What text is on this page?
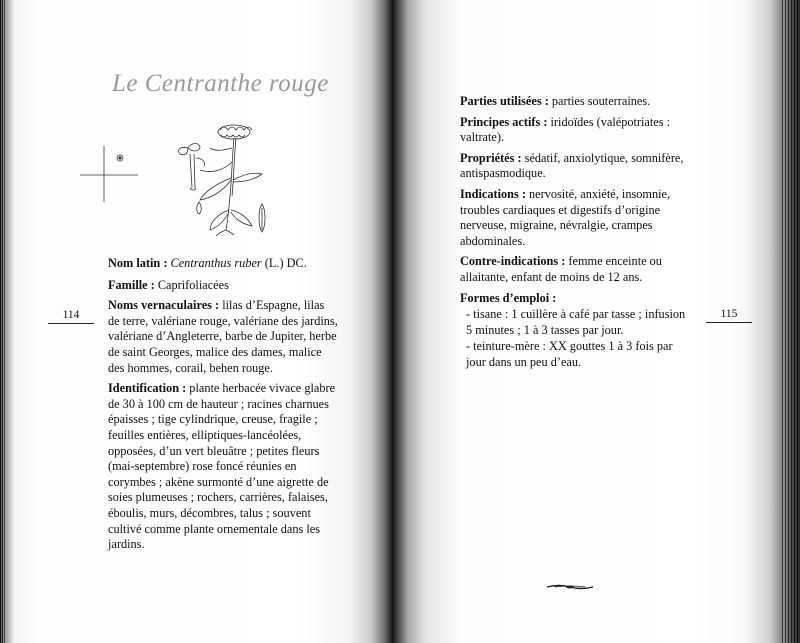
Le Centranthe rouge

Nom latin : Centranthus ruber (L.) DC.

Famille : Caprifoliacées

Noms vernaculaires : lilas d’Espagne, lilas de terre, valériane rouge, valériane des jardins, valériane d’Angleterre, barbe de Jupiter, herbe de saint Georges, malice des dames, malice des hommes, corail, behen rouge.

Identification : plante herbacée vivace glabre de 30 à 100 cm de hauteur ; racines charnues épaisses ; tige cylindrique, creuse, fragile ; feuilles entières, elliptiques-lancéolées, opposées, d’un vert bleuâtre ; petites fleurs (mai-septembre) rose foncé réunies en corymbes ; akène surmonté d’une aigrette de soies plumeuses ; rochers, carrières, falaises, éboulis, murs, décombres, talus ; souvent cultivé comme plante ornementale dans les jardins.

114

Parties utilisées : parties souterraines.

Principes actifs : iridoïdes (valépotriates : valtrate).

Propriétés : sédatif, anxiolytique, somnifère, antispasmodique.

Indications : nervosité, anxiété, insomnie, troubles cardiaques et digestifs d’origine nerveuse, migraine, névralgie, crampes abdominales.

Contre-indications : femme enceinte ou allaitante, enfant de moins de 12 ans.

Formes d’emploi :

- tisane : 1 cuillère à café par tasse ; infusion 5 minutes ; 1 à 3 tasses par jour.

- teinture-mère : XX gouttes 1 à 3 fois par jour dans un peu d’eau.

115
